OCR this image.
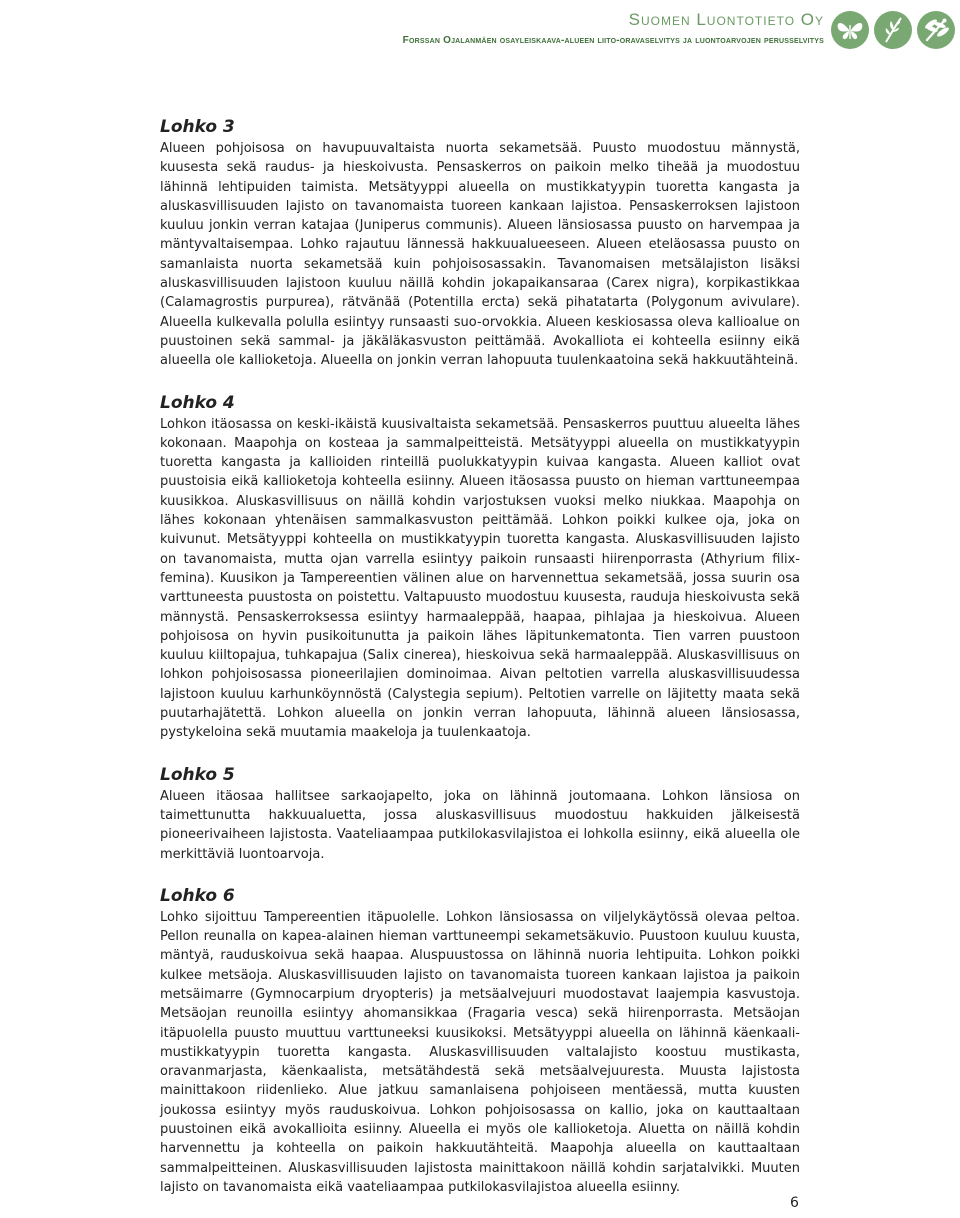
Suomen Luontotieto Oy
Forssan Ojalanmäen osayleiskaava-alueen liito-oravaselvitys ja luontoarvojen perusselvitys
Lohko 3

Alueen pohjoisosa on havupuuvaltaista nuorta sekametsää. Puusto muodostuu männystä, kuusesta sekä raudus- ja hieskoivusta. Pensaskerros on paikoin melko tiheää ja muodostuu lähinnä lehtipuiden taimista. Metsätyyppi alueella on mustikkatyypin tuoretta kangasta ja aluskasvillisuuden lajisto on tavanomaista tuoreen kankaan lajistoa. Pensaskerroksen lajistoon kuuluu jonkin verran katajaa (Juniperus communis). Alueen länsiosassa puusto on harvempaa ja mäntyvaltaisempaa. Lohko rajautuu lännessä hakkuualueeseen. Alueen eteläosassa puusto on samanlaista nuorta sekametsää kuin pohjoisosassakin. Tavanomaisen metsälajiston lisäksi aluskasvillisuuden lajistoon kuuluu näillä kohdin jokapaikansaraa (Carex nigra), korpikastikkaa (Calamagrostis purpurea), rätvänää (Potentilla ercta) sekä pihatatarta (Polygonum avivulare). Alueella kulkevalla polulla esiintyy runsaasti suo-orvokkia. Alueen keskiosassa oleva kallioalue on puustoinen sekä sammal- ja jäkäläkasvuston peittämää. Avokalliota ei kohteella esiinny eikä alueella ole kallioketoja. Alueella on jonkin verran lahopuuta tuulenkaatoina sekä hakkuutähteinä.

Lohko 4

Lohkon itäosassa on keski-ikäistä kuusivaltaista sekametsää. Pensaskerros puuttuu alueelta lähes kokonaan. Maapohja on kosteaa ja sammalpeitteistä. Metsätyyppi alueella on mustikkatyypin tuoretta kangasta ja kallioiden rinteillä puolukkatyypin kuivaa kangasta. Alueen kalliot ovat puustoisia eikä kallioketoja kohteella esiinny. Alueen itäosassa puusto on hieman varttuneempaa kuusikkoa. Aluskasvillisuus on näillä kohdin varjostuksen vuoksi melko niukkaa. Maapohja on lähes kokonaan yhtenäisen sammalkasvuston peittämää. Lohkon poikki kulkee oja, joka on kuivunut. Metsätyyppi kohteella on mustikkatyypin tuoretta kangasta. Aluskasvillisuuden lajisto on tavanomaista, mutta ojan varrella esiintyy paikoin runsaasti hiirenporrasta (Athyrium filix-femina). Kuusikon ja Tampereentien välinen alue on harvennettua sekametsää, jossa suurin osa varttuneesta puustosta on poistettu. Valtapuusto muodostuu kuusesta, rauduja hieskoivusta sekä männystä. Pensaskerroksessa esiintyy harmaaleppää, haapaa, pihlajaa ja hieskoivua. Alueen pohjoisosa on hyvin pusikoitunutta ja paikoin lähes läpitunkematonta. Tien varren puustoon kuuluu kiiltopajua, tuhkapajua (Salix cinerea), hieskoivua sekä harmaaleppää. Aluskasvillisuus on lohkon pohjoisosassa pioneerilajien dominoimaa. Aivan peltotien varrella aluskasvillisuudessa lajistoon kuuluu karhunköynnöstä (Calystegia sepium). Peltotien varrelle on läjitetty maata sekä puutarhajätettä. Lohkon alueella on jonkin verran lahopuuta, lähinnä alueen länsiosassa, pystykeloina sekä muutamia maakeloja ja tuulenkaatoja.

Lohko 5

Alueen itäosaa hallitsee sarkaojapelto, joka on lähinnä joutomaana. Lohkon länsiosa on taimettunutta hakkuualuetta, jossa aluskasvillisuus muodostuu hakkuiden jälkeisestä pioneerivaiheen lajistosta. Vaateliaampaa putkilokasvilajistoa ei lohkolla esiinny, eikä alueella ole merkittäviä luontoarvoja.

Lohko 6

Lohko sijoittuu Tampereentien itäpuolelle. Lohkon länsiosassa on viljelykäytössä olevaa peltoa. Pellon reunalla on kapea-alainen hieman varttuneempi sekametsäkuvio. Puustoon kuuluu kuusta, mäntyä, rauduskoivua sekä haapaa. Aluspuustossa on lähinnä nuoria lehtipuita. Lohkon poikki kulkee metsäoja. Aluskasvillisuuden lajisto on tavanomaista tuoreen kankaan lajistoa ja paikoin metsäimarre (Gymnocarpium dryopteris) ja metsäalvejuuri muodostavat laajempia kasvustoja. Metsäojan reunoilla esiintyy ahomansikkaa (Fragaria vesca) sekä hiirenporrasta. Metsäojan itäpuolella puusto muuttuu varttuneeksi kuusikoksi. Metsätyyppi alueella on lähinnä käenkaali-mustikkatyypin tuoretta kangasta. Aluskasvillisuuden valtalajisto koostuu mustikasta, oravanmarjasta, käenkaalista, metsätähdestä sekä metsäalvejuuresta. Muusta lajistosta mainittakoon riidenlieko. Alue jatkuu samanlaisena pohjoiseen mentäessä, mutta kuusten joukossa esiintyy myös rauduskoivua. Lohkon pohjoisosassa on kallio, joka on kauttaaltaan puustoinen eikä avokallioita esiinny. Alueella ei myös ole kallioketoja. Aluetta on näillä kohdin harvennettu ja kohteella on paikoin hakkuutähteitä. Maapohja alueella on kauttaaltaan sammalpeitteinen. Aluskasvillisuuden lajistosta mainittakoon näillä kohdin sarjatalvikki. Muuten lajisto on tavanomaista eikä vaateliaampaa putkilokasvilajistoa alueella esiinny.

6
